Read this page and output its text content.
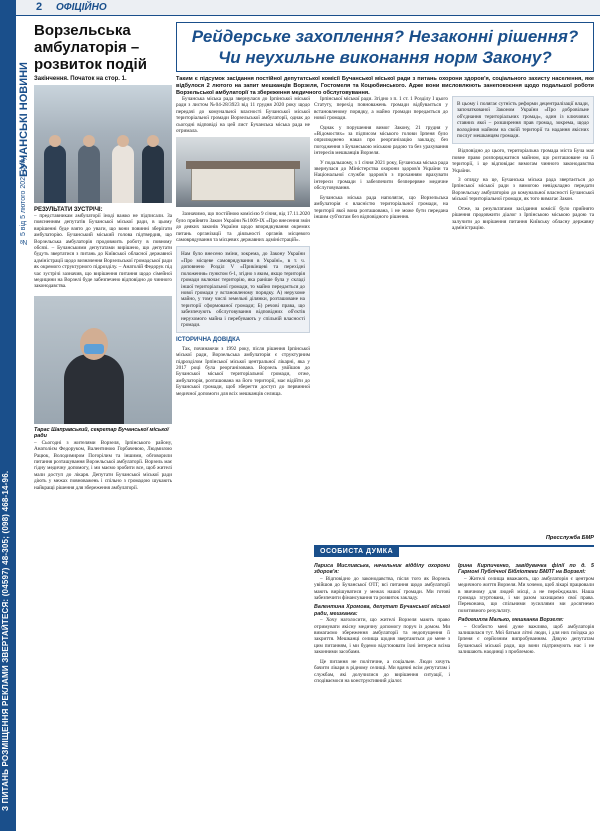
З ПИТАНЬ РОЗМІЩЕННЯ РЕКЛАМИ ЗВЕРТАЙТЕСЯ: (04597) 48-305; (098) 468-14-96.
2 ОФІЦІЙНО
БУЧАНСЬКІ НОВИНИ
№ 5 від 5 лютого 2021 року
Ворзельська амбулаторія – розвиток подій
Закінчення. Початок на стор. 1.
РЕЗУЛЬТАТИ ЗУСТРІЧІ:
– представникам амбулаторії іноді важко не підписали. За поясненням депутатів Бучанської міської ради, в цьому вирішенні буде взято до уваги, що вони повинні зберігати амбулаторію. Бучанський міський голова підтвердив, що Ворзельська амбулаторія продовжить роботу в повному обсязі. – Бучанськими депутатами вирішено, що депутати будуть звертатися з питань до Київської обласної державної адміністрації щодо визначення Ворзельської громадської ради як окремого структурного підрозділу. – Анатолій Федорук під час зустрічі зазначив, що вирішення питання щодо сімейної медицини на Ворзелі буде забезпечено відповідно до чинного законодавства.
Тарас Шаправський, секретар Бучанської міської ради
– Сьогодні з жителями Ворзеля, Ірпінського району, Анатолієм Федоруком, Валентиною Горбачевою, Людмилою Рацюк, Володимиром Погорілим та іншими, обговорили питання розташування Ворзельської амбулаторії. Ворзель має гідну медичну допомогу, і ми маємо зробити все, щоб жителі мали доступ до лікаря. Депутати Бучанської міської ради діють у межах повноважень і спільно з громадою шукають найкращі рішення для збереження амбулаторії.
Рейдерське захоплення? Незаконні рішення? Чи неухильне виконання норм Закону?
Таким є підсумок засідання постійної депутатської комісії Бучанської міської ради з питань охорони здоров'я, соціального захисту населення, яке відбулося 2 лютого на запит мешканців Ворзеля, Гостомеля та Коцюбинського. Адже вони висловлюють занепокоєння щодо подальшої роботи Ворзельської амбулаторії та збереження медичного обслуговування.

Бучанська міська рада звернулася до Ірпінської міської ради з листом №04-28/3923 від 11 грудня 2020 року щодо передачі до комунальної власності Бучанської міської територіальної громади Ворзельської амбулаторії, однак до сьогодні відповіді на цей лист Бучанська міська рада не отримала.

Зазначимо, що постійною комісією 9 січня, від 17.11.2020 було прийнято Закон України №1009-IX «Про внесення змін до деяких законів України щодо впорядкування окремих питань організації та діяльності органів місцевого самоврядування та місцевих державних адміністрацій».

Нам було внесено зміни, зокрема, до Закону України «Про місцеве самоврядування в Україні», в т. ч. доповнено Розділ V «Прикінцеві та перехідні положення» пунктом 6-1, згідно з яким, якщо територія громади включає територію, яка раніше була у складі іншої територіальної громади, то майно передається до нової громади у встановленому порядку. А) нерухоме майно, у тому числі земельні ділянки, розташоване на території сформованої громади; Б) речові права, що забезпечують обслуговування відповідних об'єктів нерухомого майна і перебувають у спільній власності громади.
ІСТОРИЧНА ДОВІДКА

Так, починаючи з 1992 року, після рішення Ірпінської міської ради, Ворзельська амбулаторія є структурним підрозділом Ірпінської міської центральної лікарні, яка у 2017 році була реорганізована. Ворзель увійшов до Бучанської міської територіальної громади, отже, амбулаторія, розташована на його території, має відійти до Бучанської громади, щоб зберегти доступ до первинної медичної допомоги для всіх мешканців селища.

Ірпінської міської ради. Згідно з п. 1 ст. 1 Розділу I цього Статуту, перехід повноважень громади відбувається у встановленому порядку, а майно громади передається до нової громади.

Однак у порушення вимог Закону, 21 грудня у «Відомостях» за підписом міського голови Ірпеня було оприлюднено наказ про реорганізацію закладу, без погодження з Бучанською міською радою та без урахування інтересів мешканців Ворзеля.

У подальшому, з 1 січня 2021 року, Бучанська міська рада звернулася до Міністерства охорони здоров'я України та Національної служби здоров'я з проханням врахувати інтереси громади і забезпечити безперервне медичне обслуговування.

Бучанська міська рада наполягає, що Ворзельська амбулаторія є власністю територіальної громади, на території якої вона розташована, і не може бути передана іншим суб'єктам без відповідного рішення.

В цьому і полягає сутність реформи децентралізації влади, започаткованої Законом України «Про добровільне об'єднання територіальних громад», один із ключових ставних якої – розширення прав громад, зокрема, щодо володіння майном на своїй території та надання якісних послуг мешканцям громади.

Відповідно до цього, територіальна громада міста Буча має повне право розпоряджатися майном, що розташоване на її території, і це відповідає вимогам чинного законодавства України.

З огляду на це, Бучанська міська рада звертається до Ірпінської міської ради з вимогою невідкладно передати Ворзельську амбулаторію до комунальної власності Бучанської міської територіальної громади, як того вимагає Закон.

Отже, за результатами засідання комісії було прийнято рішення продовжити діалог з Ірпінською міською радою та залучити до вирішення питання Київську обласну державну адміністрацію.

Пресслужба БМР
ОСОБИСТА ДУМКА
Лариса Мисливська, начальник відділу охорони здоров'я:

– Відповідно до законодавства, після того як Ворзель увійшов до Бучанської ОТГ, всі питання щодо амбулаторії мають вирішуватися у межах нашої громади. Ми готові забезпечити фінансування та розвиток закладу.

Валентина Хромова, депутат Бучанської міської ради, мешканка:

– Хочу наголосити, що жителі Ворзеля мають право отримувати якісну медичну допомогу поруч із домом. Ми вимагаємо збереження амбулаторії та недопущення її закриття. Мешканці селища щодня звертаються до мене з цим питанням, і ми будемо відстоювати їхні інтереси всіма законними засобами.

Це питання не політичне, а соціальне. Люди хочуть бачити лікаря в рідному селищі. Ми вдячні всім депутатам і службам, які долучилися до вирішення ситуації, і сподіваємося на конструктивний діалог.

Ірина Кирпиченко, завідувачка філії по д. 5 Гармоні Публічної Бібліотеки БМЛТ на Ворзелі:

– Жителі селища вважають, що амбулаторія є центром медичного життя Ворзеля. Ми хочемо, щоб лікарі працювали в звичному для людей місці, а не переїжджали. Наша громада згуртована, і ми разом захищаємо свої права. Переконана, що спільними зусиллями ми досягнемо позитивного результату.

Радомилла Малько, мешканка Ворзеля:

– Особисто мені дуже важливо, щоб амбулаторія залишилася тут. Мої батьки літні люди, і для них поїздка до Ірпеня є серйозним випробуванням. Дякую депутатам Бучанської міської ради, що вони підтримують нас і не залишають наодинці з проблемою.
